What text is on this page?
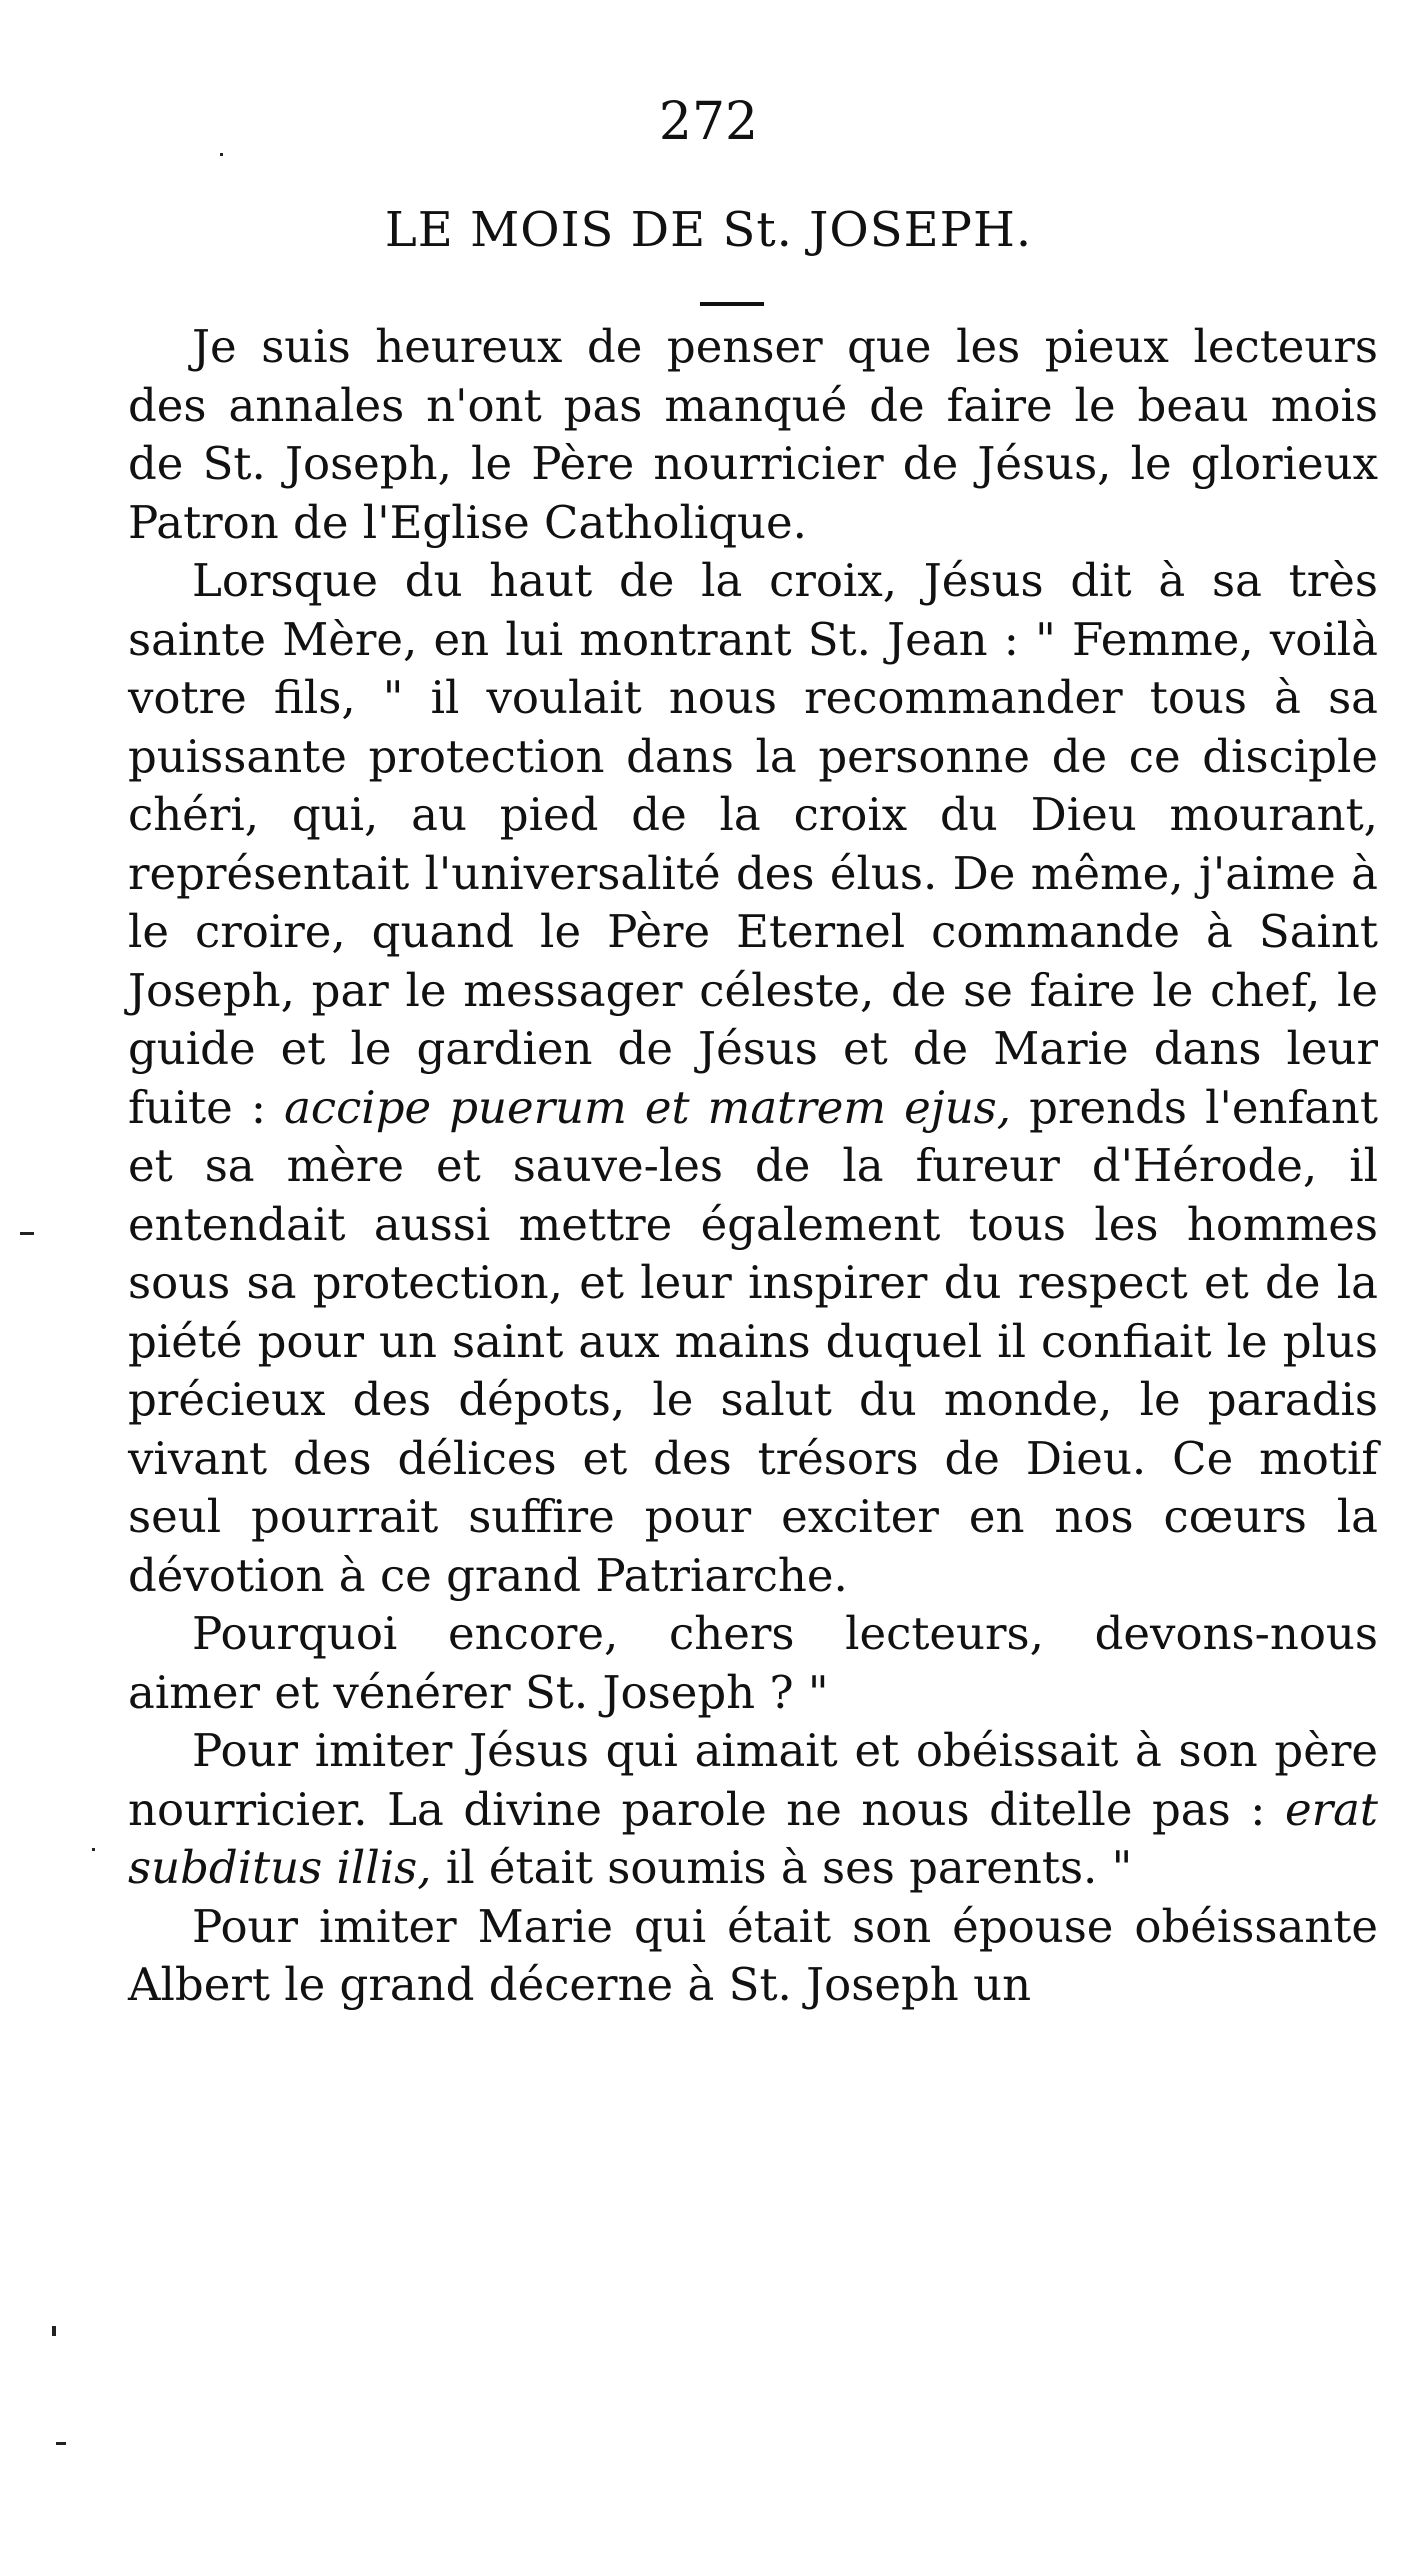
272
LE MOIS DE St. JOSEPH.

Je suis heureux de penser que les pieux lecteurs des annales n'ont pas manqué de faire le beau mois de St. Joseph, le Père nourricier de Jésus, le glorieux Patron de l'Eglise Catholique.

Lorsque du haut de la croix, Jésus dit à sa très sainte Mère, en lui montrant St. Jean : " Femme, voilà votre fils, " il voulait nous recommander tous à sa puissante protection dans la personne de ce disciple chéri, qui, au pied de la croix du Dieu mourant, représentait l'universalité des élus. De même, j'aime à le croire, quand le Père Eternel commande à Saint Joseph, par le messager céleste, de se faire le chef, le guide et le gardien de Jésus et de Marie dans leur fuite : accipe puerum et matrem ejus, prends l'enfant et sa mère et sauve-les de la fureur d'Hérode, il entendait aussi mettre également tous les hommes sous sa protection, et leur inspirer du respect et de la piété pour un saint aux mains duquel il confiait le plus précieux des dépots, le salut du monde, le paradis vivant des délices et des trésors de Dieu. Ce motif seul pourrait suffire pour exciter en nos cœurs la dévotion à ce grand Patriarche.

Pourquoi encore, chers lecteurs, devons-nous aimer et vénérer St. Joseph ? "

Pour imiter Jésus qui aimait et obéissait à son père nourricier. La divine parole ne nous ditelle pas : erat subditus illis, il était soumis à ses parents. "

Pour imiter Marie qui était son épouse obéissante Albert le grand décerne à St. Joseph un
